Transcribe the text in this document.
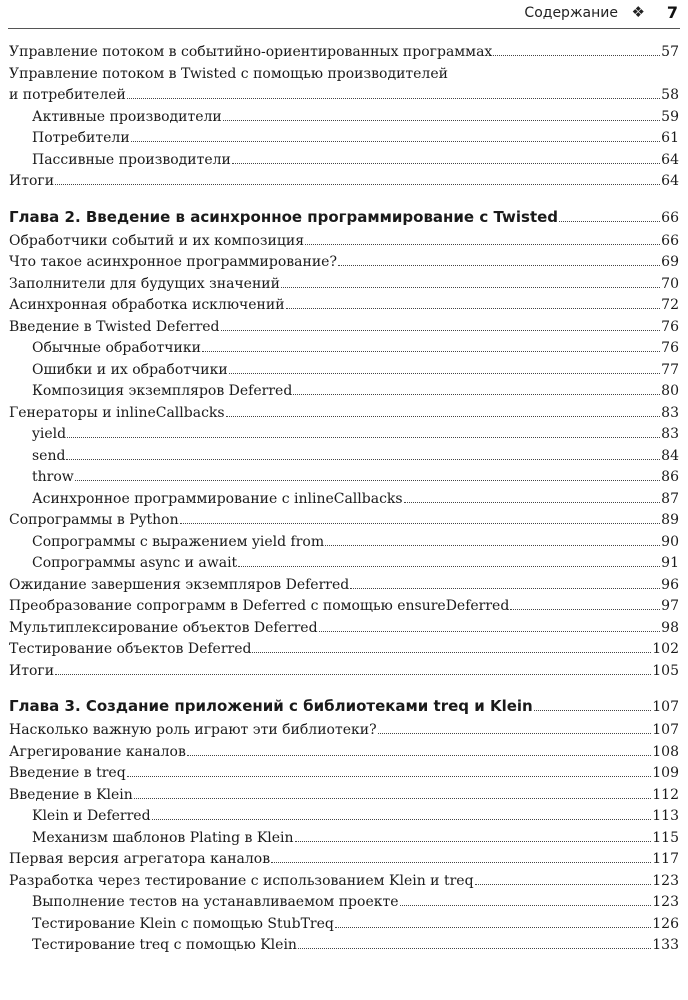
Содержание ❖ 7
Управление потоком в событийно-ориентированных программах	57
Управление потоком в Twisted с помощью производителей
и потребителей	58
Активные производители	59
Потребители	61
Пассивные производители	64
Итоги	64
Глава 2. Введение в асинхронное программирование с Twisted	66
Обработчики событий и их композиция	66
Что такое асинхронное программирование?	69
Заполнители для будущих значений	70
Асинхронная обработка исключений	72
Введение в Twisted Deferred	76
Обычные обработчики	76
Ошибки и их обработчики	77
Композиция экземпляров Deferred	80
Генераторы и inlineCallbacks	83
yield	83
send	84
throw	86
Асинхронное программирование с inlineCallbacks	87
Сопрограммы в Python	89
Сопрограммы с выражением yield from	90
Сопрограммы async и await	91
Ожидание завершения экземпляров Deferred	96
Преобразование сопрограмм в Deferred с помощью ensureDeferred	97
Мультиплексирование объектов Deferred	98
Тестирование объектов Deferred	102
Итоги	105
Глава 3. Создание приложений с библиотеками treq и Klein	107
Насколько важную роль играют эти библиотеки?	107
Агрегирование каналов	108
Введение в treq	109
Введение в Klein	112
Klein и Deferred	113
Механизм шаблонов Plating в Klein	115
Первая версия агрегатора каналов	117
Разработка через тестирование с использованием Klein и treq	123
Выполнение тестов на устанавливаемом проекте	123
Тестирование Klein с помощью StubTreq	126
Тестирование treq с помощью Klein	133
